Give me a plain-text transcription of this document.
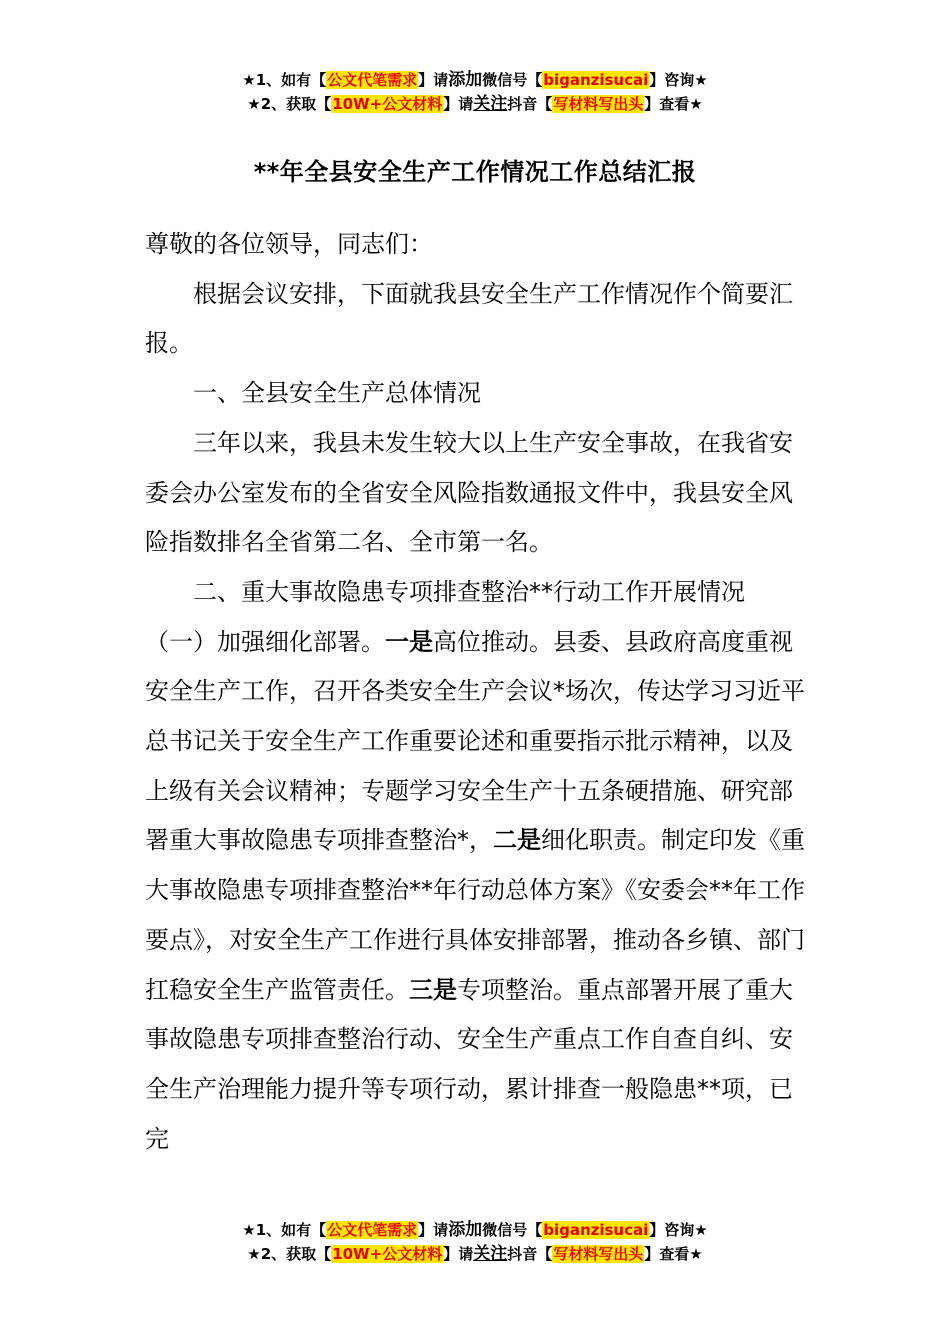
★1、如有【公文代笔需求】请添加微信号【biganzisucai】咨询★
★2、获取【10W+公文材料】请关注抖音【写材料写出头】查看★
**年全县安全生产工作情况工作总结汇报

尊敬的各位领导，同志们：

根据会议安排，下面就我县安全生产工作情况作个简要汇报。

一、全县安全生产总体情况

三年以来，我县未发生较大以上生产安全事故，在我省安委会办公室发布的全省安全风险指数通报文件中，我县安全风险指数排名全省第二名、全市第一名。

二、重大事故隐患专项排查整治**行动工作开展情况

（一）加强细化部署。一是高位推动。县委、县政府高度重视安全生产工作，召开各类安全生产会议*场次，传达学习习近平总书记关于安全生产工作重要论述和重要指示批示精神，以及上级有关会议精神；专题学习安全生产十五条硬措施、研究部署重大事故隐患专项排查整治*，二是细化职责。制定印发《重大事故隐患专项排查整治**年行动总体方案》《安委会**年工作要点》，对安全生产工作进行具体安排部署，推动各乡镇、部门扛稳安全生产监管责任。三是专项整治。重点部署开展了重大事故隐患专项排查整治行动、安全生产重点工作自查自纠、安全生产治理能力提升等专项行动，累计排查一般隐患**项，已完

★1、如有【公文代笔需求】请添加微信号【biganzisucai】咨询★
★2、获取【10W+公文材料】请关注抖音【写材料写出头】查看★
